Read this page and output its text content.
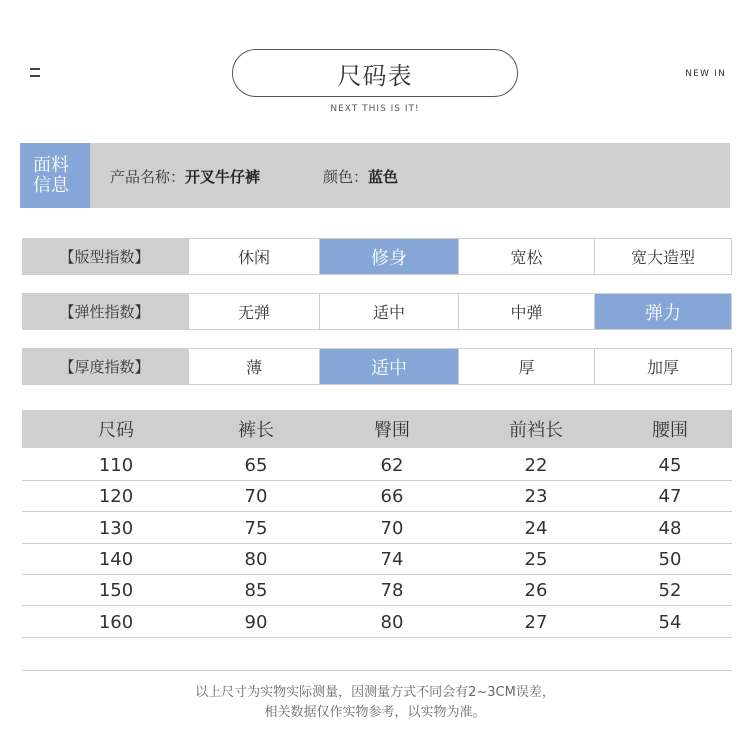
尺码表
NEXT THIS IS IT!
NEW IN
面料信息	产品名称：开叉牛仔裤	颜色：蓝色
【版型指数】	休闲	修身	宽松	宽大造型
【弹性指数】	无弹	适中	中弹	弹力
【厚度指数】	薄	适中	厚	加厚
尺码	裤长	臀围	前裆长	腰围
110	65	62	22	45
120	70	66	23	47
130	75	70	24	48
140	80	74	25	50
150	85	78	26	52
160	90	80	27	54
以上尺寸为实物实际测量，因测量方式不同会有2~3CM误差，
相关数据仅作实物参考，以实物为准。
